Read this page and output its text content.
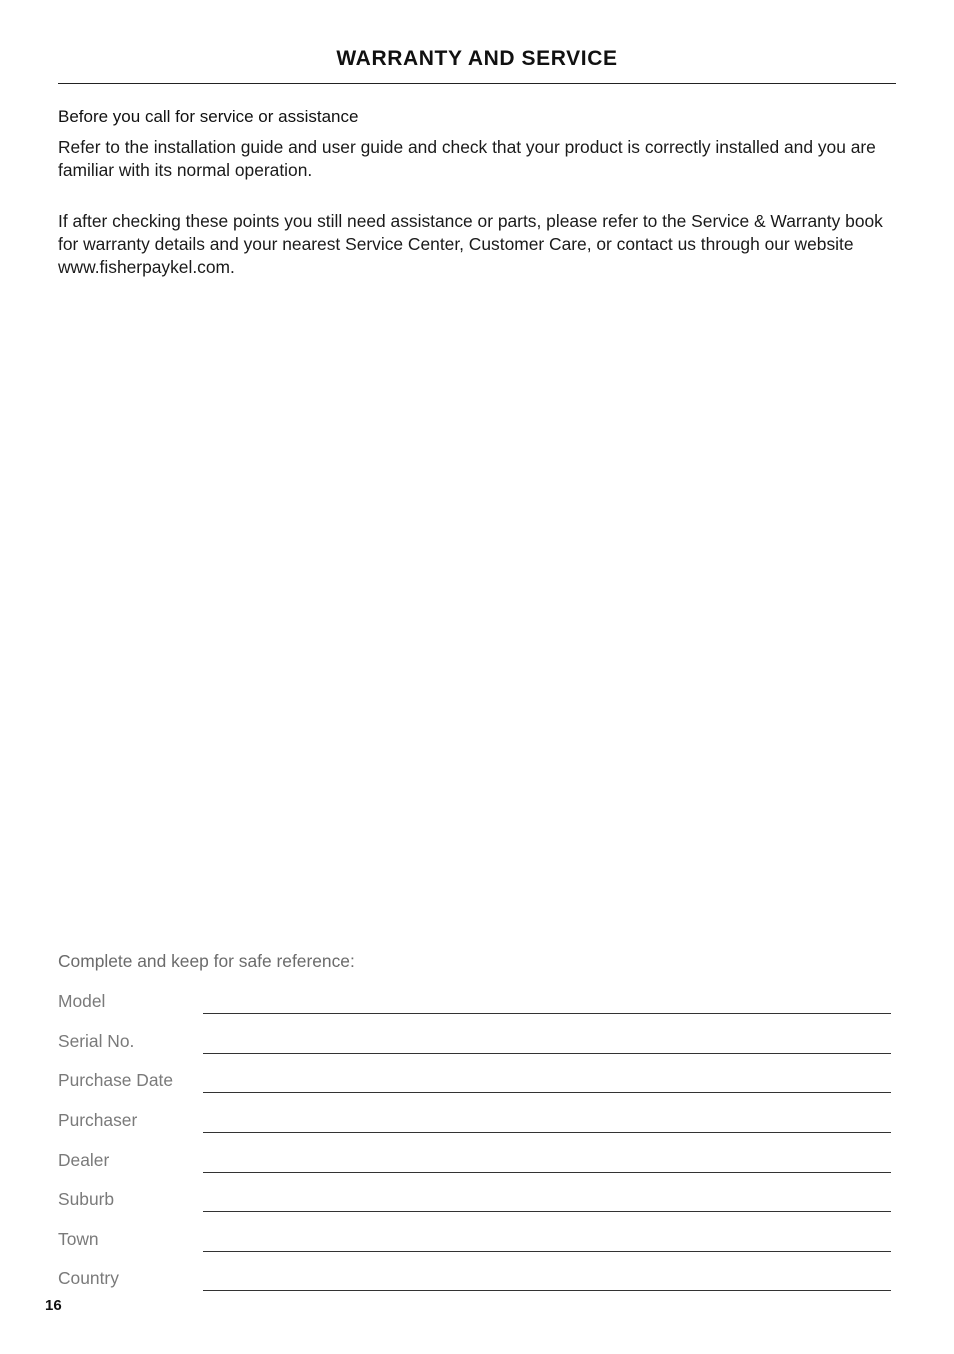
WARRANTY AND SERVICE
Before you call for service or assistance

Refer to the installation guide and user guide and check that your product is correctly installed and you are familiar with its normal operation.

If after checking these points you still need assistance or parts, please refer to the Service & Warranty book for warranty details and your nearest Service Center, Customer Care, or contact us through our website www.fisherpaykel.com.

Complete and keep for safe reference:
Model
Serial No.
Purchase Date
Purchaser
Dealer
Suburb
Town
Country
16
